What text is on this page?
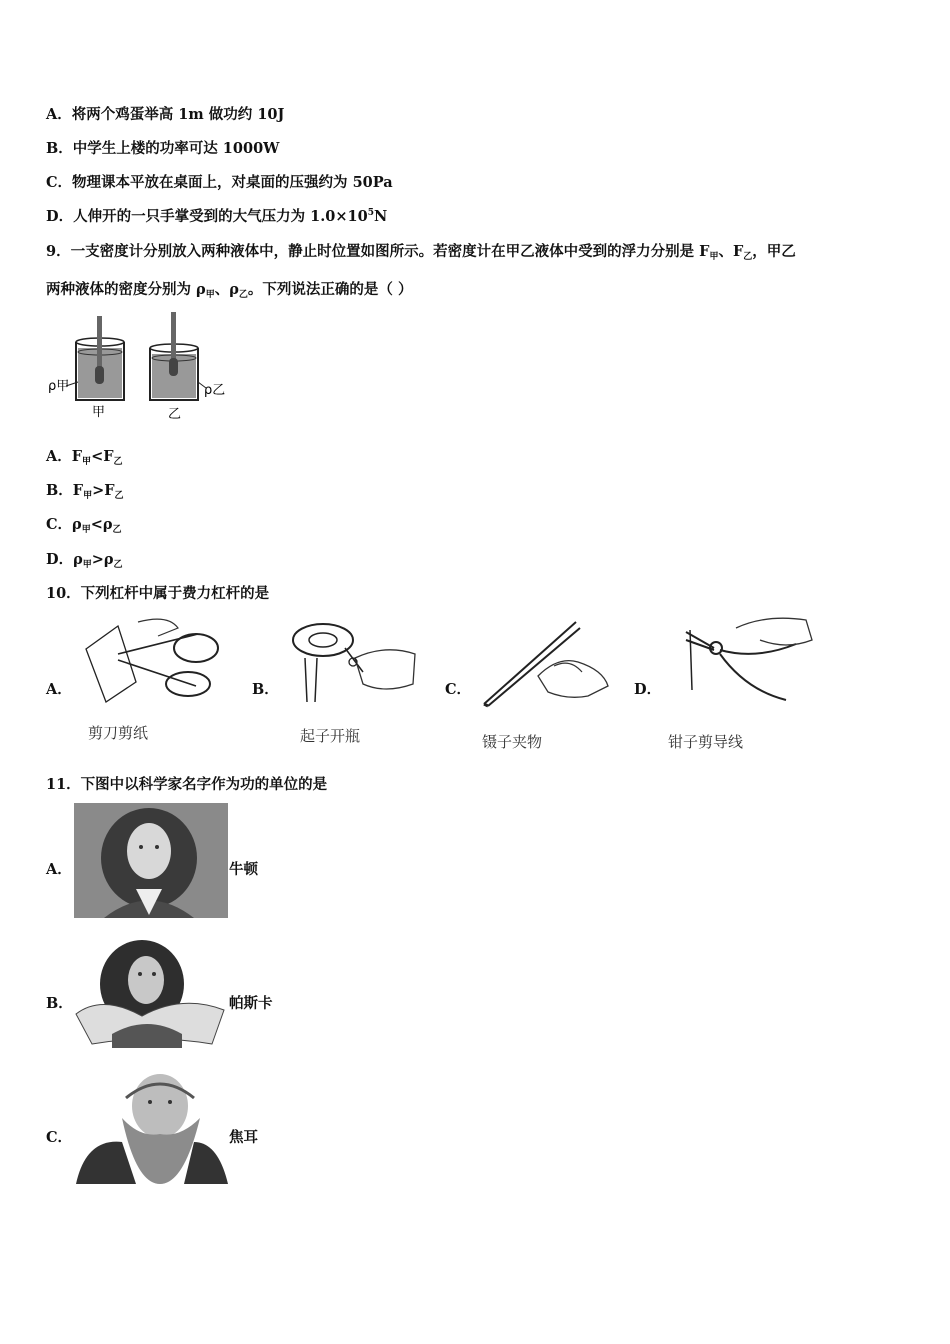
A．将两个鸡蛋举高 1m 做功约 10J
B．中学生上楼的功率可达 1000W
C．物理课本平放在桌面上，对桌面的压强约为 50Pa
D．人伸开的一只手掌受到的大气压力为 $1.0\times 10^5N$
9．一支密度计分别放入两种液体中，静止时位置如图所示。若密度计在甲乙液体中受到的浮力分别是 $F_甲$、$F_乙$，甲乙
两种液体的密度分别为 $\rho_甲$、$\rho_乙$。下列说法正确的是（ ）
ρ甲	ρ乙
甲	乙
A．$F_甲<F_乙$
B．$F_甲>F_乙$
C．$\rho_甲<\rho_乙$
D．$\rho_甲>\rho_乙$
10．下列杠杆中属于费力杠杆的是
A．
剪刀剪纸
B．
起子开瓶
C．
镊子夹物
D．
钳子剪导线
11．下图中以科学家名字作为功的单位的是
A．	牛顿
B．	帕斯卡
C．	焦耳
